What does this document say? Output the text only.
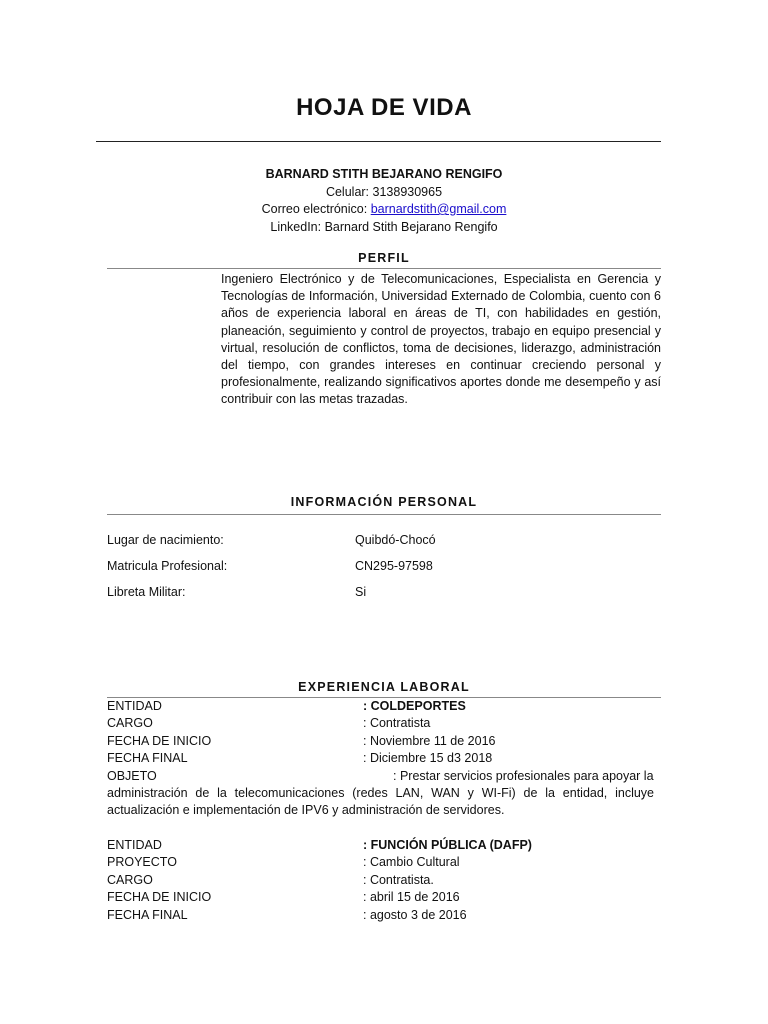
HOJA DE VIDA
BARNARD STITH BEJARANO RENGIFO
Celular: 3138930965
Correo electrónico: barnardstith@gmail.com
LinkedIn: Barnard Stith Bejarano Rengifo
PERFIL
Ingeniero Electrónico y de Telecomunicaciones, Especialista en Gerencia y Tecnologías de Información, Universidad Externado de Colombia, cuento con 6 años de experiencia laboral en áreas de TI, con habilidades en gestión, planeación, seguimiento y control de proyectos, trabajo en equipo presencial y virtual, resolución de conflictos, toma de decisiones, liderazgo, administración del tiempo, con grandes intereses en continuar creciendo personal y profesionalmente, realizando significativos aportes donde me desempeño y así contribuir con las metas trazadas.
INFORMACIÓN PERSONAL
Lugar de nacimiento:	Quibdó-Chocó
Matricula Profesional:	CN295-97598
Libreta Militar:	Si
EXPERIENCIA LABORAL
ENTIDAD	: COLDEPORTES
CARGO	: Contratista
FECHA DE INICIO	: Noviembre 11 de 2016
FECHA FINAL	: Diciembre 15 d3 2018
OBJETO	: Prestar servicios profesionales para apoyar la
administración de la telecomunicaciones (redes LAN, WAN y WI-Fi) de la entidad, incluye actualización e implementación de IPV6 y administración de servidores.
ENTIDAD	: FUNCIÓN PÚBLICA (DAFP)
PROYECTO	: Cambio Cultural
CARGO	: Contratista.
FECHA DE INICIO	: abril 15 de 2016
FECHA FINAL	: agosto 3 de 2016
